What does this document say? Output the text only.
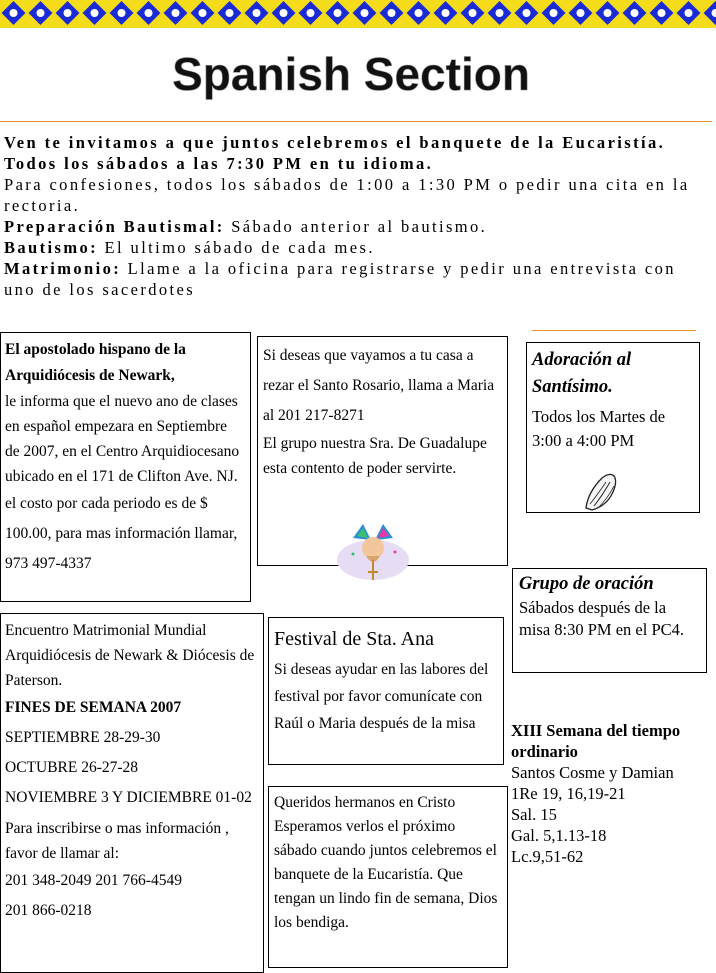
Spanish Section

Ven te invitamos a que juntos celebremos el banquete de la Eucaristía. Todos los sábados a las 7:30 PM en tu idioma.

Para confesiones, todos los sábados de 1:00 a 1:30 PM o pedir una cita en la rectoria.

Preparación Bautismal: Sábado anterior al bautismo.

Bautismo: El ultimo sábado de cada mes.

Matrimonio: Llame a la oficina para registrarse y pedir una entrevista con uno de los sacerdotes

El apostolado hispano de la Arquidiócesis de Newark,

le informa que el nuevo ano de clases en español empezara en Septiembre de 2007, en el Centro Arquidiocesano ubicado en el 171 de Clifton Ave. NJ.

el costo por cada periodo es de $ 100.00, para mas información llamar, 973 497-4337

Si deseas que vayamos a tu casa a rezar el Santo Rosario, llama a Maria al 201 217-8271

El grupo nuestra Sra. De Guadalupe esta contento de poder servirte.

Adoración al Santísimo.

Todos los Martes de 3:00 a 4:00 PM

Grupo de oración

Sábados después de la misa 8:30 PM en el PC4.

Encuentro Matrimonial Mundial Arquidiócesis de Newark & Diócesis de Paterson.

FINES DE SEMANA 2007

SEPTIEMBRE 28-29-30

OCTUBRE 26-27-28

NOVIEMBRE 3 Y DICIEMBRE 01-02

Para inscribirse o mas información , favor de llamar al:

201 348-2049 201 766-4549

201 866-0218

Festival de Sta. Ana

Si deseas ayudar en las labores del festival por favor comunícate con Raúl o Maria después de la misa	XIII Semana del tiempo ordinario

Santos Cosme y Damian

1Re 19, 16,19-21

Sal. 15

Gal. 5,1.13-18

Lc.9,51-62

Queridos hermanos en Cristo Esperamos verlos el próximo sábado cuando juntos celebremos el banquete de la Eucaristía. Que tengan un lindo fin de semana, Dios los bendiga.
